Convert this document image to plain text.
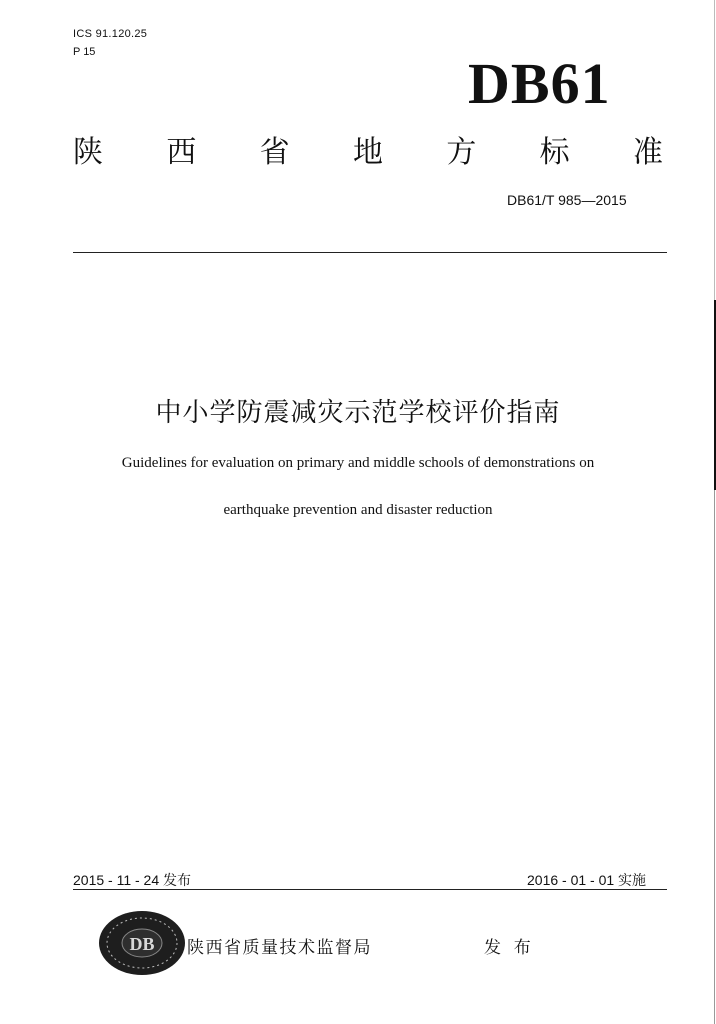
ICS 91.120.25
P 15	DB61
陕 西 省 地 方 标 准
DB61/T 985—2015
中小学防震减灾示范学校评价指南
Guidelines for evaluation on primary and middle schools of demonstrations on
earthquake prevention and disaster reduction
2015 - 11 - 24 发布	2016 - 01 - 01 实施
DB 陕西省质量技术监督局	发 布
